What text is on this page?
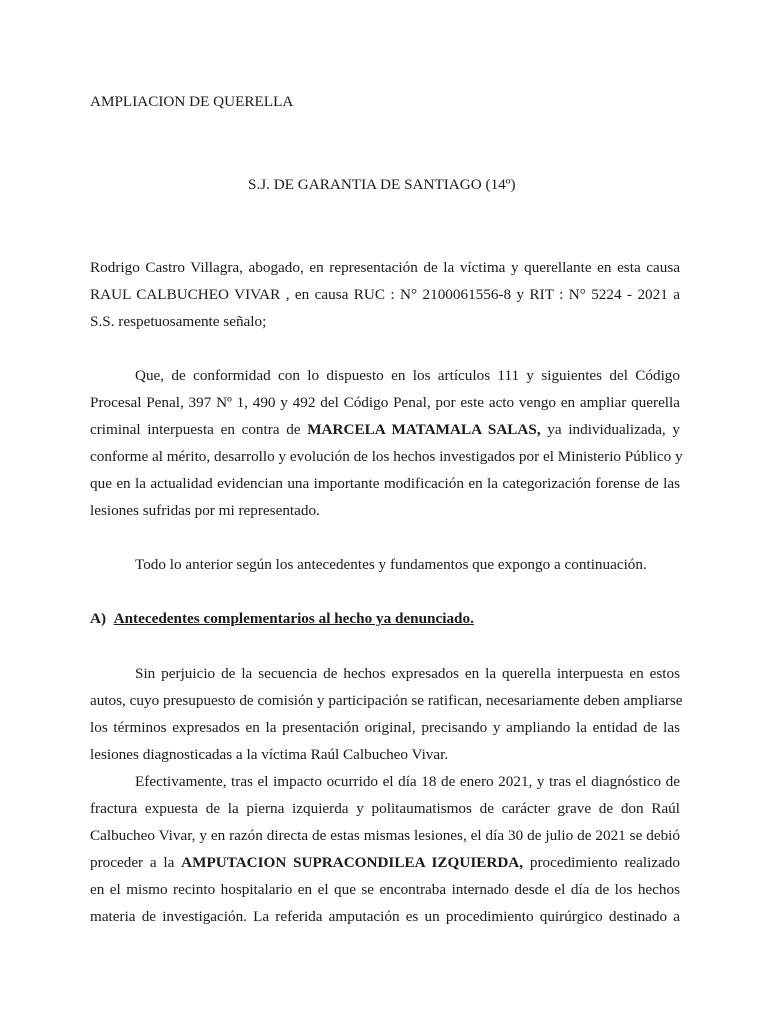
AMPLIACION DE QUERELLA
S.J. DE GARANTIA DE SANTIAGO (14º)
Rodrigo Castro Villagra, abogado, en representación de la víctima y querellante en esta causa
RAUL CALBUCHEO VIVAR , en causa RUC : N° 2100061556-8 y RIT : N° 5224 - 2021 a
S.S. respetuosamente señalo;
Que, de conformidad con lo dispuesto en los artículos 111 y siguientes del Código
Procesal Penal, 397 Nº 1, 490 y 492 del Código Penal, por este acto vengo en ampliar querella
criminal interpuesta en contra de MARCELA MATAMALA SALAS, ya individualizada, y
conforme al mérito, desarrollo y evolución de los hechos investigados por el Ministerio Público y
que en la actualidad evidencian una importante modificación en la categorización forense de las
lesiones sufridas por mi representado.
Todo lo anterior según los antecedentes y fundamentos que expongo a continuación.
A) Antecedentes complementarios al hecho ya denunciado.
Sin perjuicio de la secuencia de hechos expresados en la querella interpuesta en estos
autos, cuyo presupuesto de comisión y participación se ratifican, necesariamente deben ampliarse
los términos expresados en la presentación original, precisando y ampliando la entidad de las
lesiones diagnosticadas a la víctima Raúl Calbucheo Vivar.
Efectivamente, tras el impacto ocurrido el día 18 de enero 2021, y tras el diagnóstico de
fractura expuesta de la pierna izquierda y politaumatismos de carácter grave de don Raúl
Calbucheo Vivar, y en razón directa de estas mismas lesiones, el día 30 de julio de 2021 se debió
proceder a la AMPUTACION SUPRACONDILEA IZQUIERDA, procedimiento realizado
en el mismo recinto hospitalario en el que se encontraba internado desde el día de los hechos
materia de investigación. La referida amputación es un procedimiento quirúrgico destinado a
